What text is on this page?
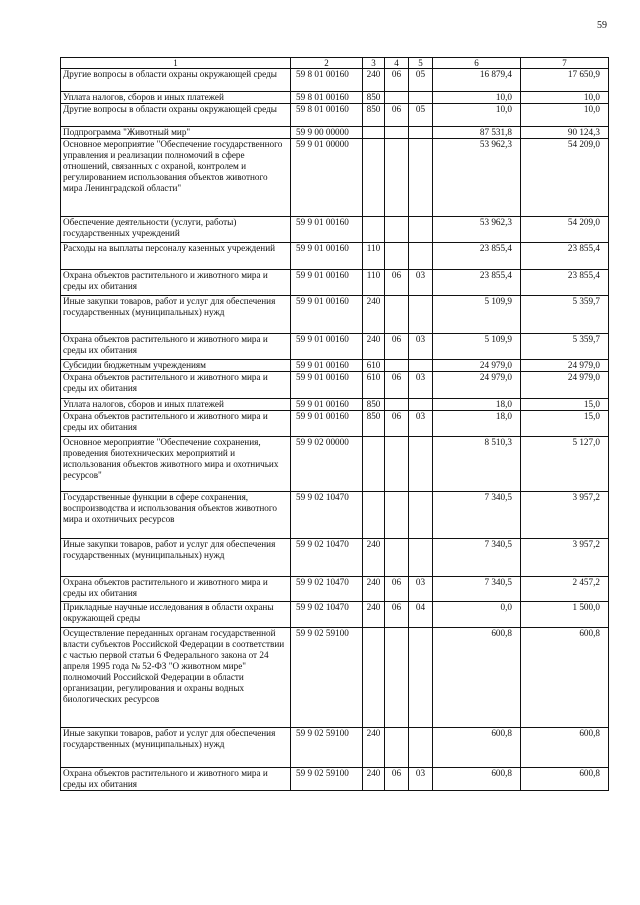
59
1	2	3	4	5	6	7
Другие вопросы в области охраны окружающей среды	59 8 01 00160	240	06	05	16 879,4	17 650,9
Уплата налогов, сборов и иных платежей	59 8 01 00160	850			10,0	10,0
Другие вопросы в области охраны окружающей среды	59 8 01 00160	850	06	05	10,0	10,0
Подпрограмма "Животный мир"	59 9 00 00000				87 531,8	90 124,3
Основное мероприятие "Обеспечение государственного управления и реализации полномочий в сфере отношений, связанных с охраной, контролем и регулированием использования объектов животного мира Ленинградской области"	59 9 01 00000				53 962,3	54 209,0
Обеспечение деятельности (услуги, работы) государственных учреждений	59 9 01 00160				53 962,3	54 209,0
Расходы на выплаты персоналу казенных учреждений	59 9 01 00160	110			23 855,4	23 855,4
Охрана объектов растительного и животного мира и среды их обитания	59 9 01 00160	110	06	03	23 855,4	23 855,4
Иные закупки товаров, работ и услуг для обеспечения государственных (муниципальных) нужд	59 9 01 00160	240			5 109,9	5 359,7
Охрана объектов растительного и животного мира и среды их обитания	59 9 01 00160	240	06	03	5 109,9	5 359,7
Субсидии бюджетным учреждениям	59 9 01 00160	610			24 979,0	24 979,0
Охрана объектов растительного и животного мира и среды их обитания	59 9 01 00160	610	06	03	24 979,0	24 979,0
Уплата налогов, сборов и иных платежей	59 9 01 00160	850			18,0	15,0
Охрана объектов растительного и животного мира и среды их обитания	59 9 01 00160	850	06	03	18,0	15,0
Основное мероприятие "Обеспечение сохранения, проведения биотехнических мероприятий и использования объектов животного мира и охотничьих ресурсов"	59 9 02 00000				8 510,3	5 127,0
Государственные функции в сфере сохранения, воспроизводства и использования объектов животного мира и охотничьих ресурсов	59 9 02 10470				7 340,5	3 957,2
Иные закупки товаров, работ и услуг для обеспечения государственных (муниципальных) нужд	59 9 02 10470	240			7 340,5	3 957,2
Охрана объектов растительного и животного мира и среды их обитания	59 9 02 10470	240	06	03	7 340,5	2 457,2
Прикладные научные исследования в области охраны окружающей среды	59 9 02 10470	240	06	04	0,0	1 500,0
Осуществление переданных органам государственной власти субъектов Российской Федерации в соответствии с частью первой статьи 6 Федерального закона от 24 апреля 1995 года № 52-ФЗ "О животном мире" полномочий Российской Федерации в области организации, регулирования и охраны водных биологических ресурсов	59 9 02 59100				600,8	600,8
Иные закупки товаров, работ и услуг для обеспечения государственных (муниципальных) нужд	59 9 02 59100	240			600,8	600,8
Охрана объектов растительного и животного мира и среды их обитания	59 9 02 59100	240	06	03	600,8	600,8
